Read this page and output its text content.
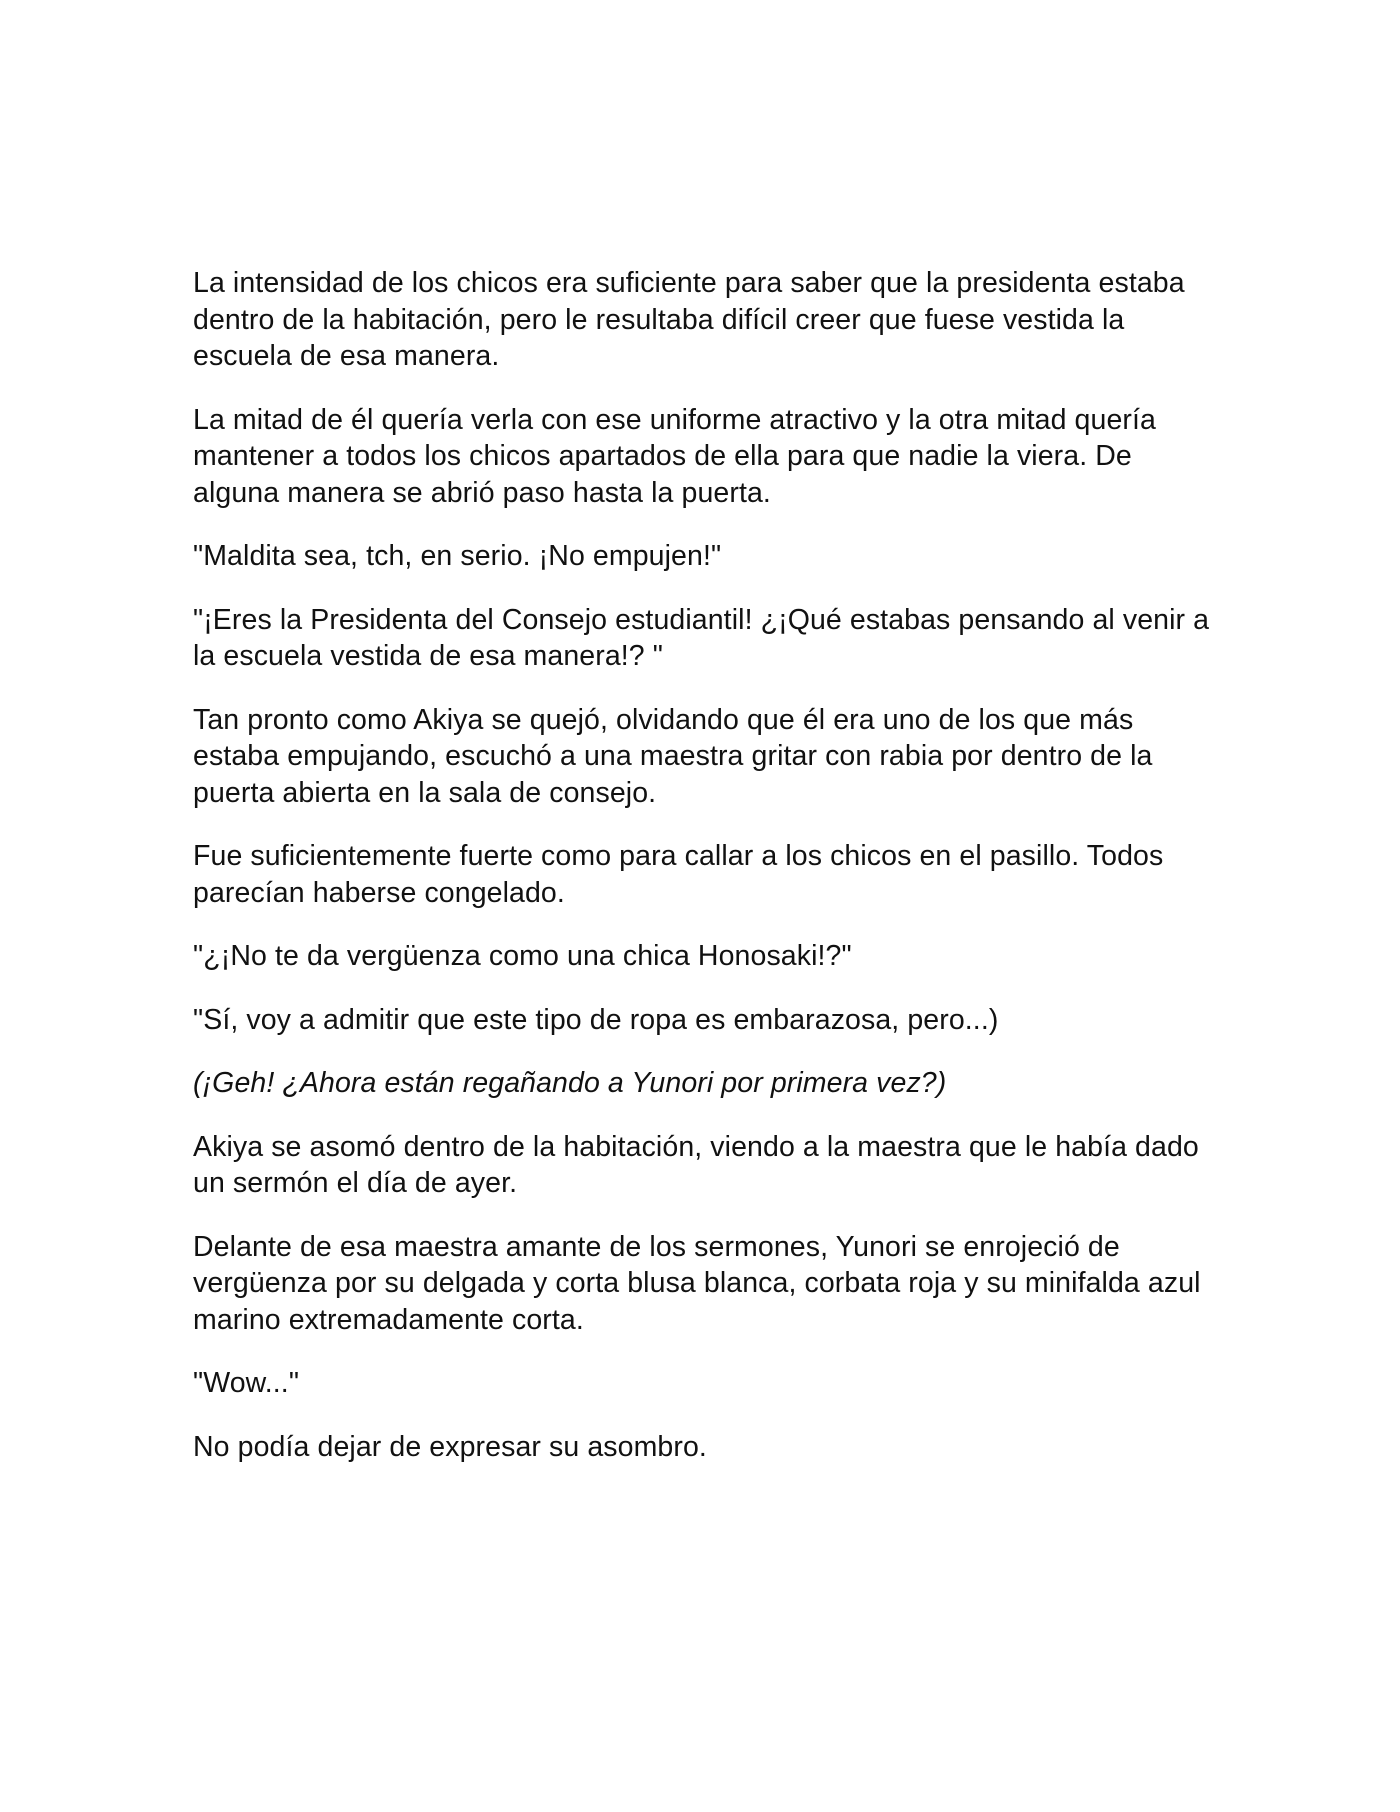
La intensidad de los chicos era suficiente para saber que la presidenta estaba dentro de la habitación, pero le resultaba difícil creer que fuese vestida la escuela de esa manera.

La mitad de él quería verla con ese uniforme atractivo y la otra mitad quería mantener a todos los chicos apartados de ella para que nadie la viera. De alguna manera se abrió paso hasta la puerta.

"Maldita sea, tch, en serio. ¡No empujen!"

"¡Eres la Presidenta del Consejo estudiantil! ¿¡Qué estabas pensando al venir a la escuela vestida de esa manera!? "

Tan pronto como Akiya se quejó, olvidando que él era uno de los que más estaba empujando, escuchó a una maestra gritar con rabia por dentro de la puerta abierta en la sala de consejo.

Fue suficientemente fuerte como para callar a los chicos en el pasillo. Todos parecían haberse congelado.

"¿¡No te da vergüenza como una chica Honosaki!?"

"Sí, voy a admitir que este tipo de ropa es embarazosa, pero...)

(¡Geh! ¿Ahora están regañando a Yunori por primera vez?)

Akiya se asomó dentro de la habitación, viendo a la maestra que le había dado un sermón el día de ayer.

Delante de esa maestra amante de los sermones, Yunori se enrojeció de vergüenza por su delgada y corta blusa blanca, corbata roja y su minifalda azul marino extremadamente corta.

"Wow..."

No podía dejar de expresar su asombro.
